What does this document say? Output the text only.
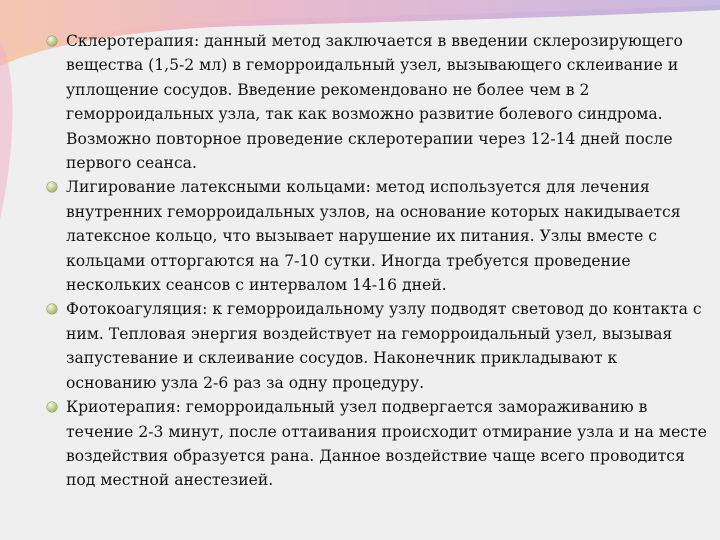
Склеротерапия: данный метод заключается в введении склерозирующего вещества (1,5-2 мл) в геморроидальный узел, вызывающего склеивание и уплощение сосудов. Введение рекомендовано не более чем в 2 геморроидальных узла, так как возможно развитие болевого синдрома. Возможно повторное проведение склеротерапии через 12-14 дней после первого сеанса.
Лигирование латексными кольцами: метод используется для лечения внутренних геморроидальных узлов, на основание которых накидывается латексное кольцо, что вызывает нарушение их питания. Узлы вместе с кольцами отторгаются на 7-10 сутки. Иногда требуется проведение нескольких сеансов с интервалом 14-16 дней.
Фотокоагуляция: к геморроидальному узлу подводят световод до контакта с ним. Тепловая энергия воздействует на геморроидальный узел, вызывая запустевание и склеивание сосудов. Наконечник прикладывают к основанию узла 2-6 раз за одну процедуру.
Криотерапия: геморроидальный узел подвергается замораживанию в течение 2-3 минут, после оттаивания происходит отмирание узла и на месте воздействия образуется рана. Данное воздействие чаще всего проводится под местной анестезией.
